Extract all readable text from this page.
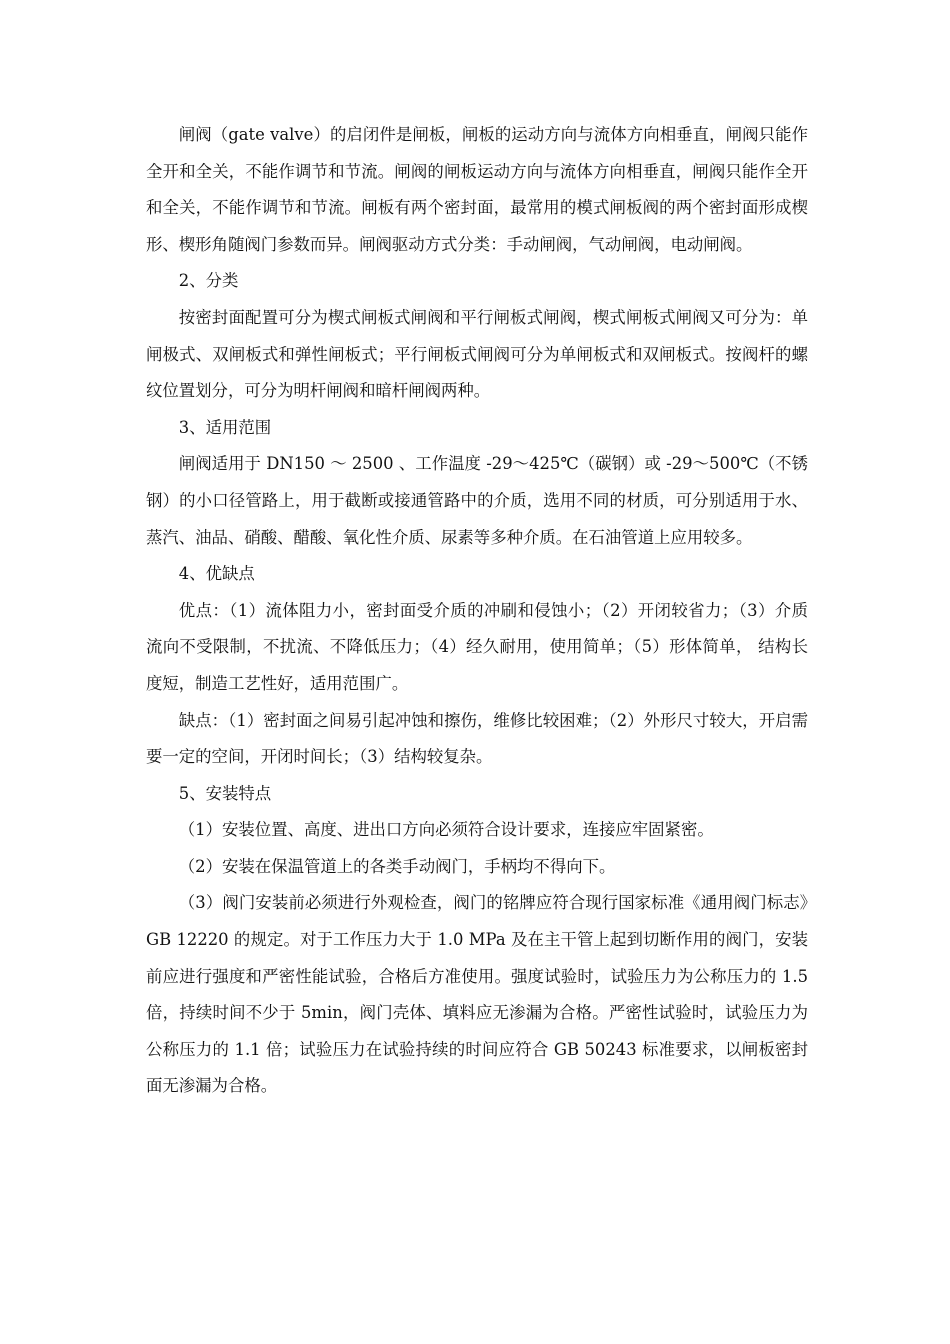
闸阀（gate valve）的启闭件是闸板，闸板的运动方向与流体方向相垂直，闸阀只能作全开和全关，不能作调节和节流。闸阀的闸板运动方向与流体方向相垂直，闸阀只能作全开和全关，不能作调节和节流。闸板有两个密封面，最常用的模式闸板阀的两个密封面形成楔形、楔形角随阀门参数而异。闸阀驱动方式分类：手动闸阀，气动闸阀，电动闸阀。

2、分类

按密封面配置可分为楔式闸板式闸阀和平行闸板式闸阀，楔式闸板式闸阀又可分为：单闸极式、双闸板式和弹性闸板式；平行闸板式闸阀可分为单闸板式和双闸板式。按阀杆的螺纹位置划分，可分为明杆闸阀和暗杆闸阀两种。

3、适用范围

闸阀适用于 DN150 ～ 2500 、工作温度 -29～425℃（碳钢）或 -29～500℃（不锈钢）的小口径管路上，用于截断或接通管路中的介质，选用不同的材质，可分别适用于水、蒸汽、油品、硝酸、醋酸、氧化性介质、尿素等多种介质。在石油管道上应用较多。

4、优缺点

优点：（1）流体阻力小，密封面受介质的冲刷和侵蚀小；（2）开闭较省力；（3）介质流向不受限制，不扰流、不降低压力；（4）经久耐用，使用简单；（5）形体简单， 结构长度短，制造工艺性好，适用范围广。

缺点：（1）密封面之间易引起冲蚀和擦伤，维修比较困难；（2）外形尺寸较大，开启需要一定的空间，开闭时间长；（3）结构较复杂。

5、安装特点

（1）安装位置、高度、进出口方向必须符合设计要求，连接应牢固紧密。

（2）安装在保温管道上的各类手动阀门，手柄均不得向下。

（3）阀门安装前必须进行外观检查，阀门的铭牌应符合现行国家标准《通用阀门标志》GB 12220 的规定。对于工作压力大于 1.0 MPa 及在主干管上起到切断作用的阀门，安装前应进行强度和严密性能试验，合格后方准使用。强度试验时，试验压力为公称压力的 1.5 倍，持续时间不少于 5min，阀门壳体、填料应无渗漏为合格。严密性试验时，试验压力为公称压力的 1.1 倍；试验压力在试验持续的时间应符合 GB 50243 标准要求，以闸板密封面无渗漏为合格。
